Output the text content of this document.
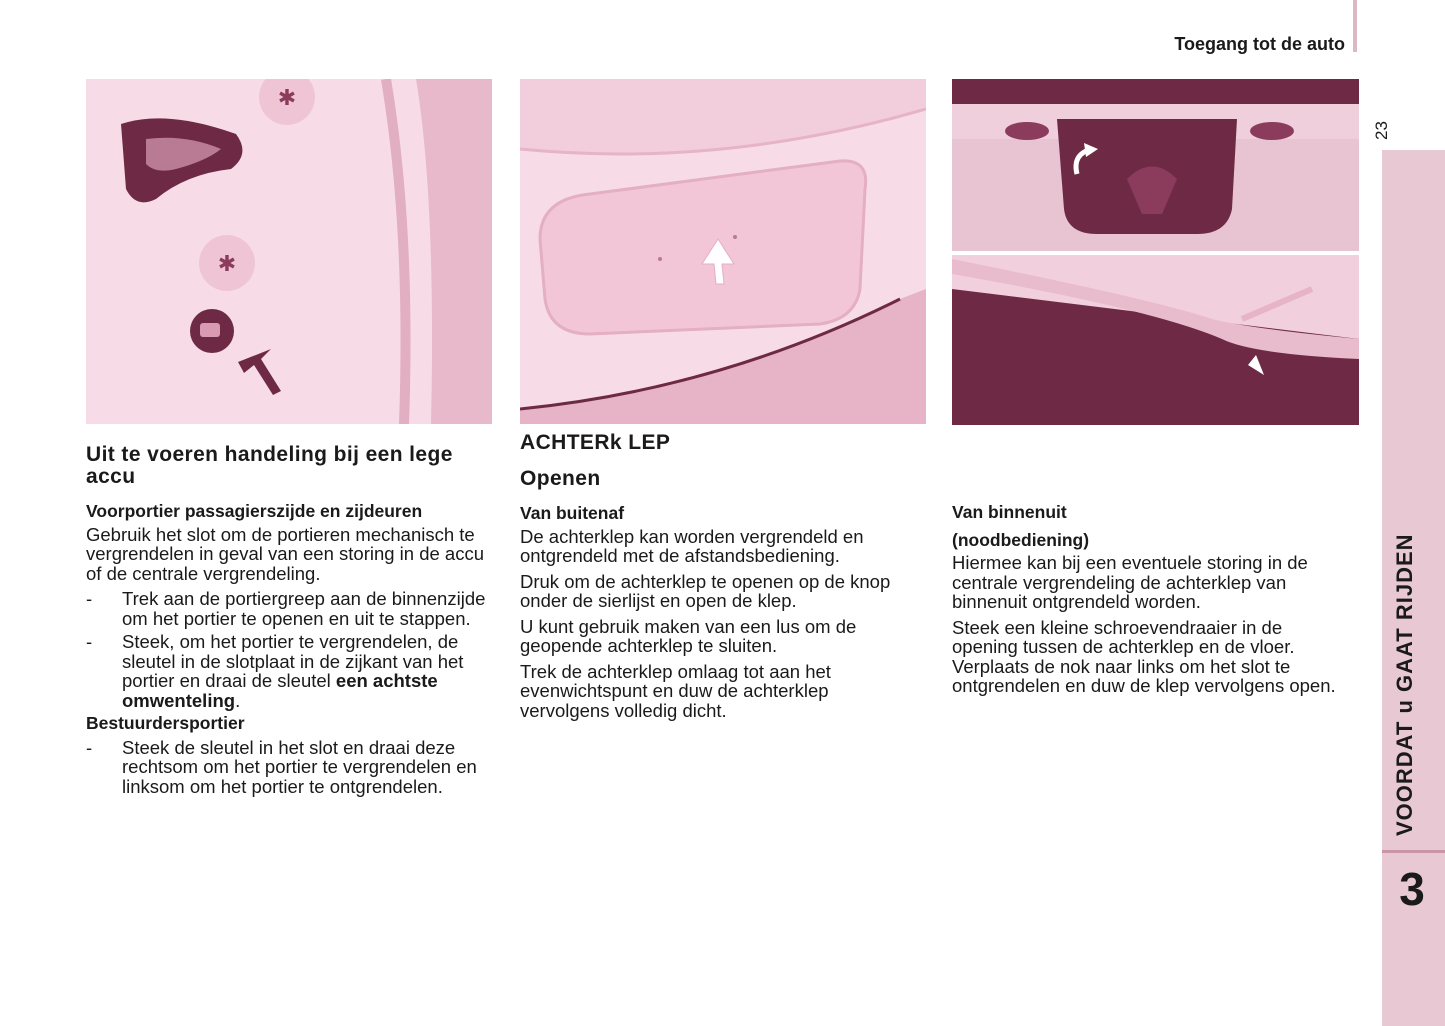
Toegang tot de auto
23
VOORDAT u GAAT RIJDEN
3
✱
✱
Uit te voeren handeling bij een lege accu
Voorportier passagierszijde en zijdeuren

Gebruik het slot om de portieren mechanisch te vergrendelen in geval van een storing in de accu of de centrale vergrendeling.

- Trek aan de portiergreep aan de binnenzijde om het portier te openen en uit te stappen.
- Steek, om het portier te vergrendelen, de sleutel in de slotplaat in de zijkant van het portier en draai de sleutel een achtste omwenteling.
Bestuurdersportier
- Steek de sleutel in het slot en draai deze rechtsom om het portier te vergrendelen en linksom om het portier te ontgrendelen.
ACHTERk LEP
Openen
Van buitenaf

De achterklep kan worden vergrendeld en ontgrendeld met de afstandsbediening.

Druk om de achterklep te openen op de knop onder de sierlijst en open de klep.

U kunt gebruik maken van een lus om de geopende achterklep te sluiten.

Trek de achterklep omlaag tot aan het evenwichtspunt en duw de achterklep vervolgens volledig dicht.

Van binnenuit
(noodbediening)

Hiermee kan bij een eventuele storing in de centrale vergrendeling de achterklep van binnenuit ontgrendeld worden.

Steek een kleine schroevendraaier in de opening tussen de achterklep en de vloer. Verplaats de nok naar links om het slot te ontgrendelen en duw de klep vervolgens open.
